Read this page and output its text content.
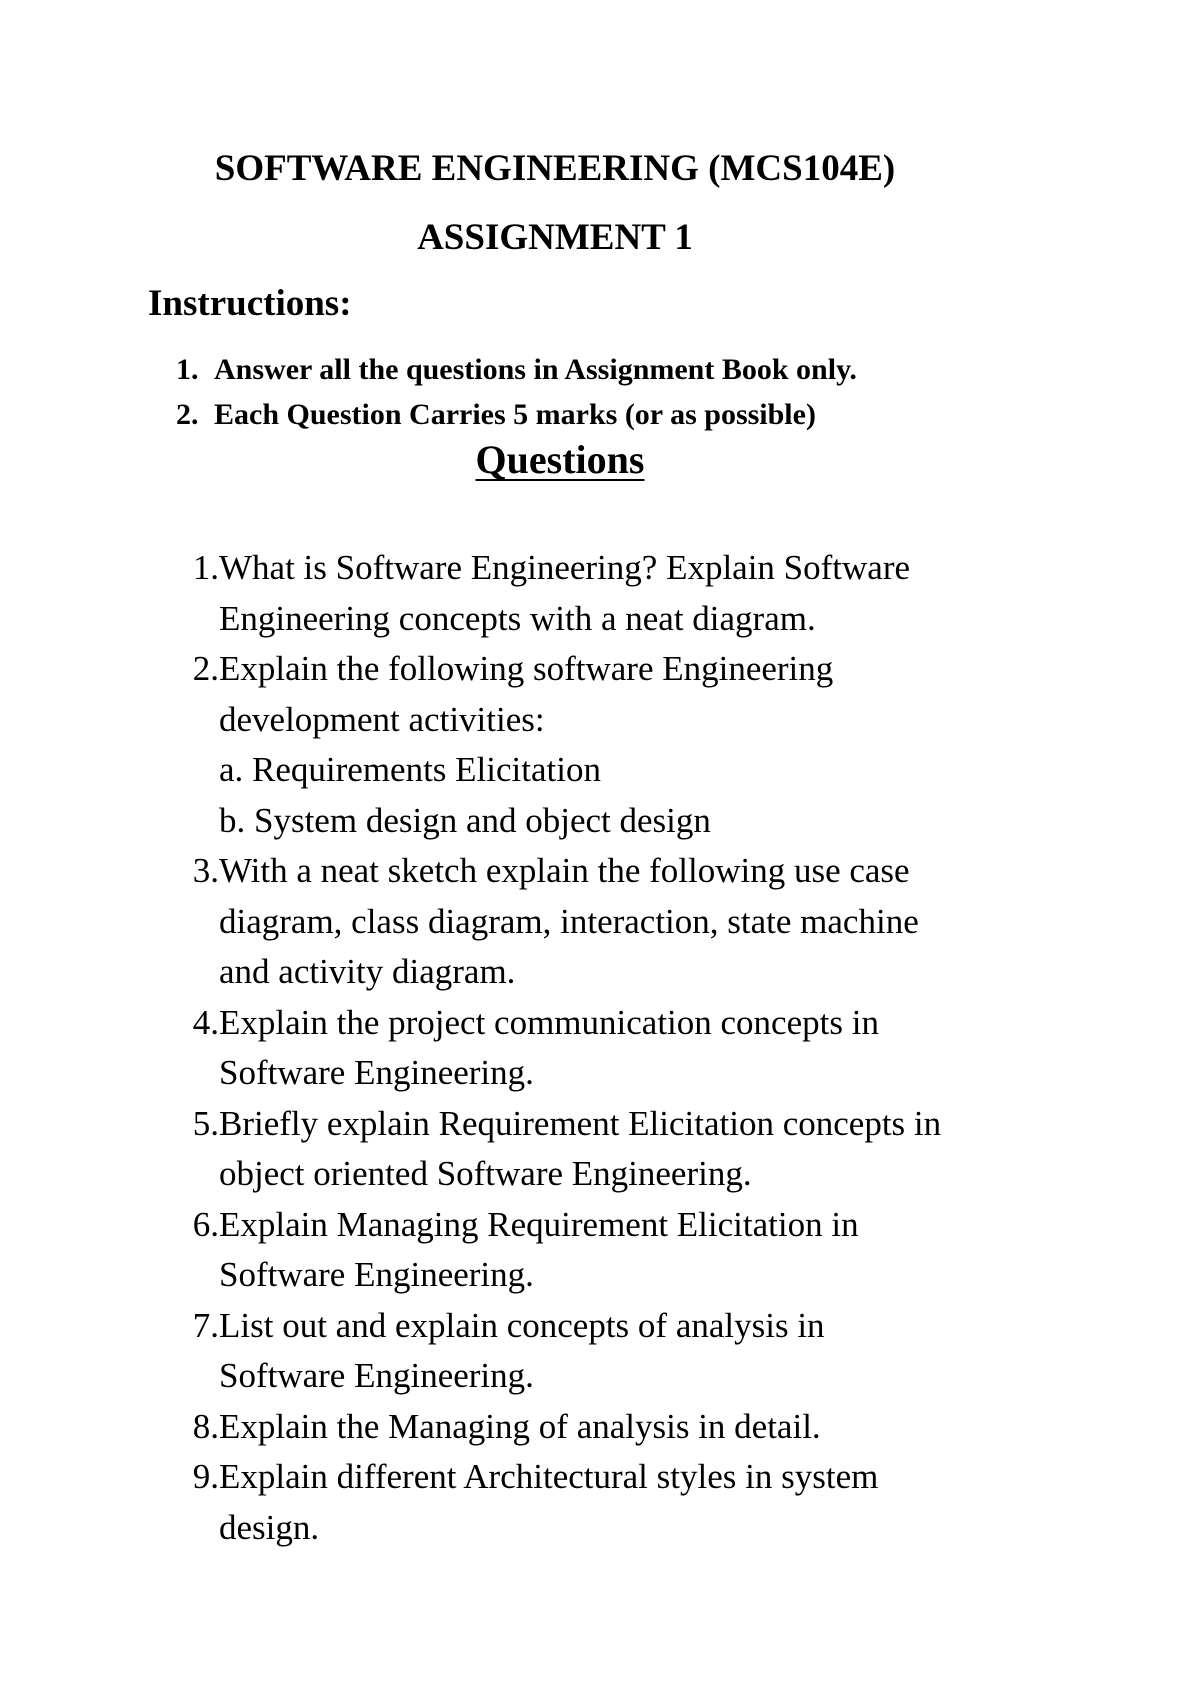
SOFTWARE ENGINEERING (MCS104E)
ASSIGNMENT 1
Instructions:
1. Answer all the questions in Assignment Book only.
2. Each Question Carries 5 marks (or as possible)
Questions
1. What is Software Engineering? Explain Software
Engineering concepts with a neat diagram.
2. Explain the following software Engineering
development activities:
a. Requirements Elicitation
b. System design and object design
3. With a neat sketch explain the following use case
diagram, class diagram, interaction, state machine
and activity diagram.
4. Explain the project communication concepts in
Software Engineering.
5. Briefly explain Requirement Elicitation concepts in
object oriented Software Engineering.
6. Explain Managing Requirement Elicitation in
Software Engineering.
7. List out and explain concepts of analysis in
Software Engineering.
8. Explain the Managing of analysis in detail.
9. Explain different Architectural styles in system
design.
